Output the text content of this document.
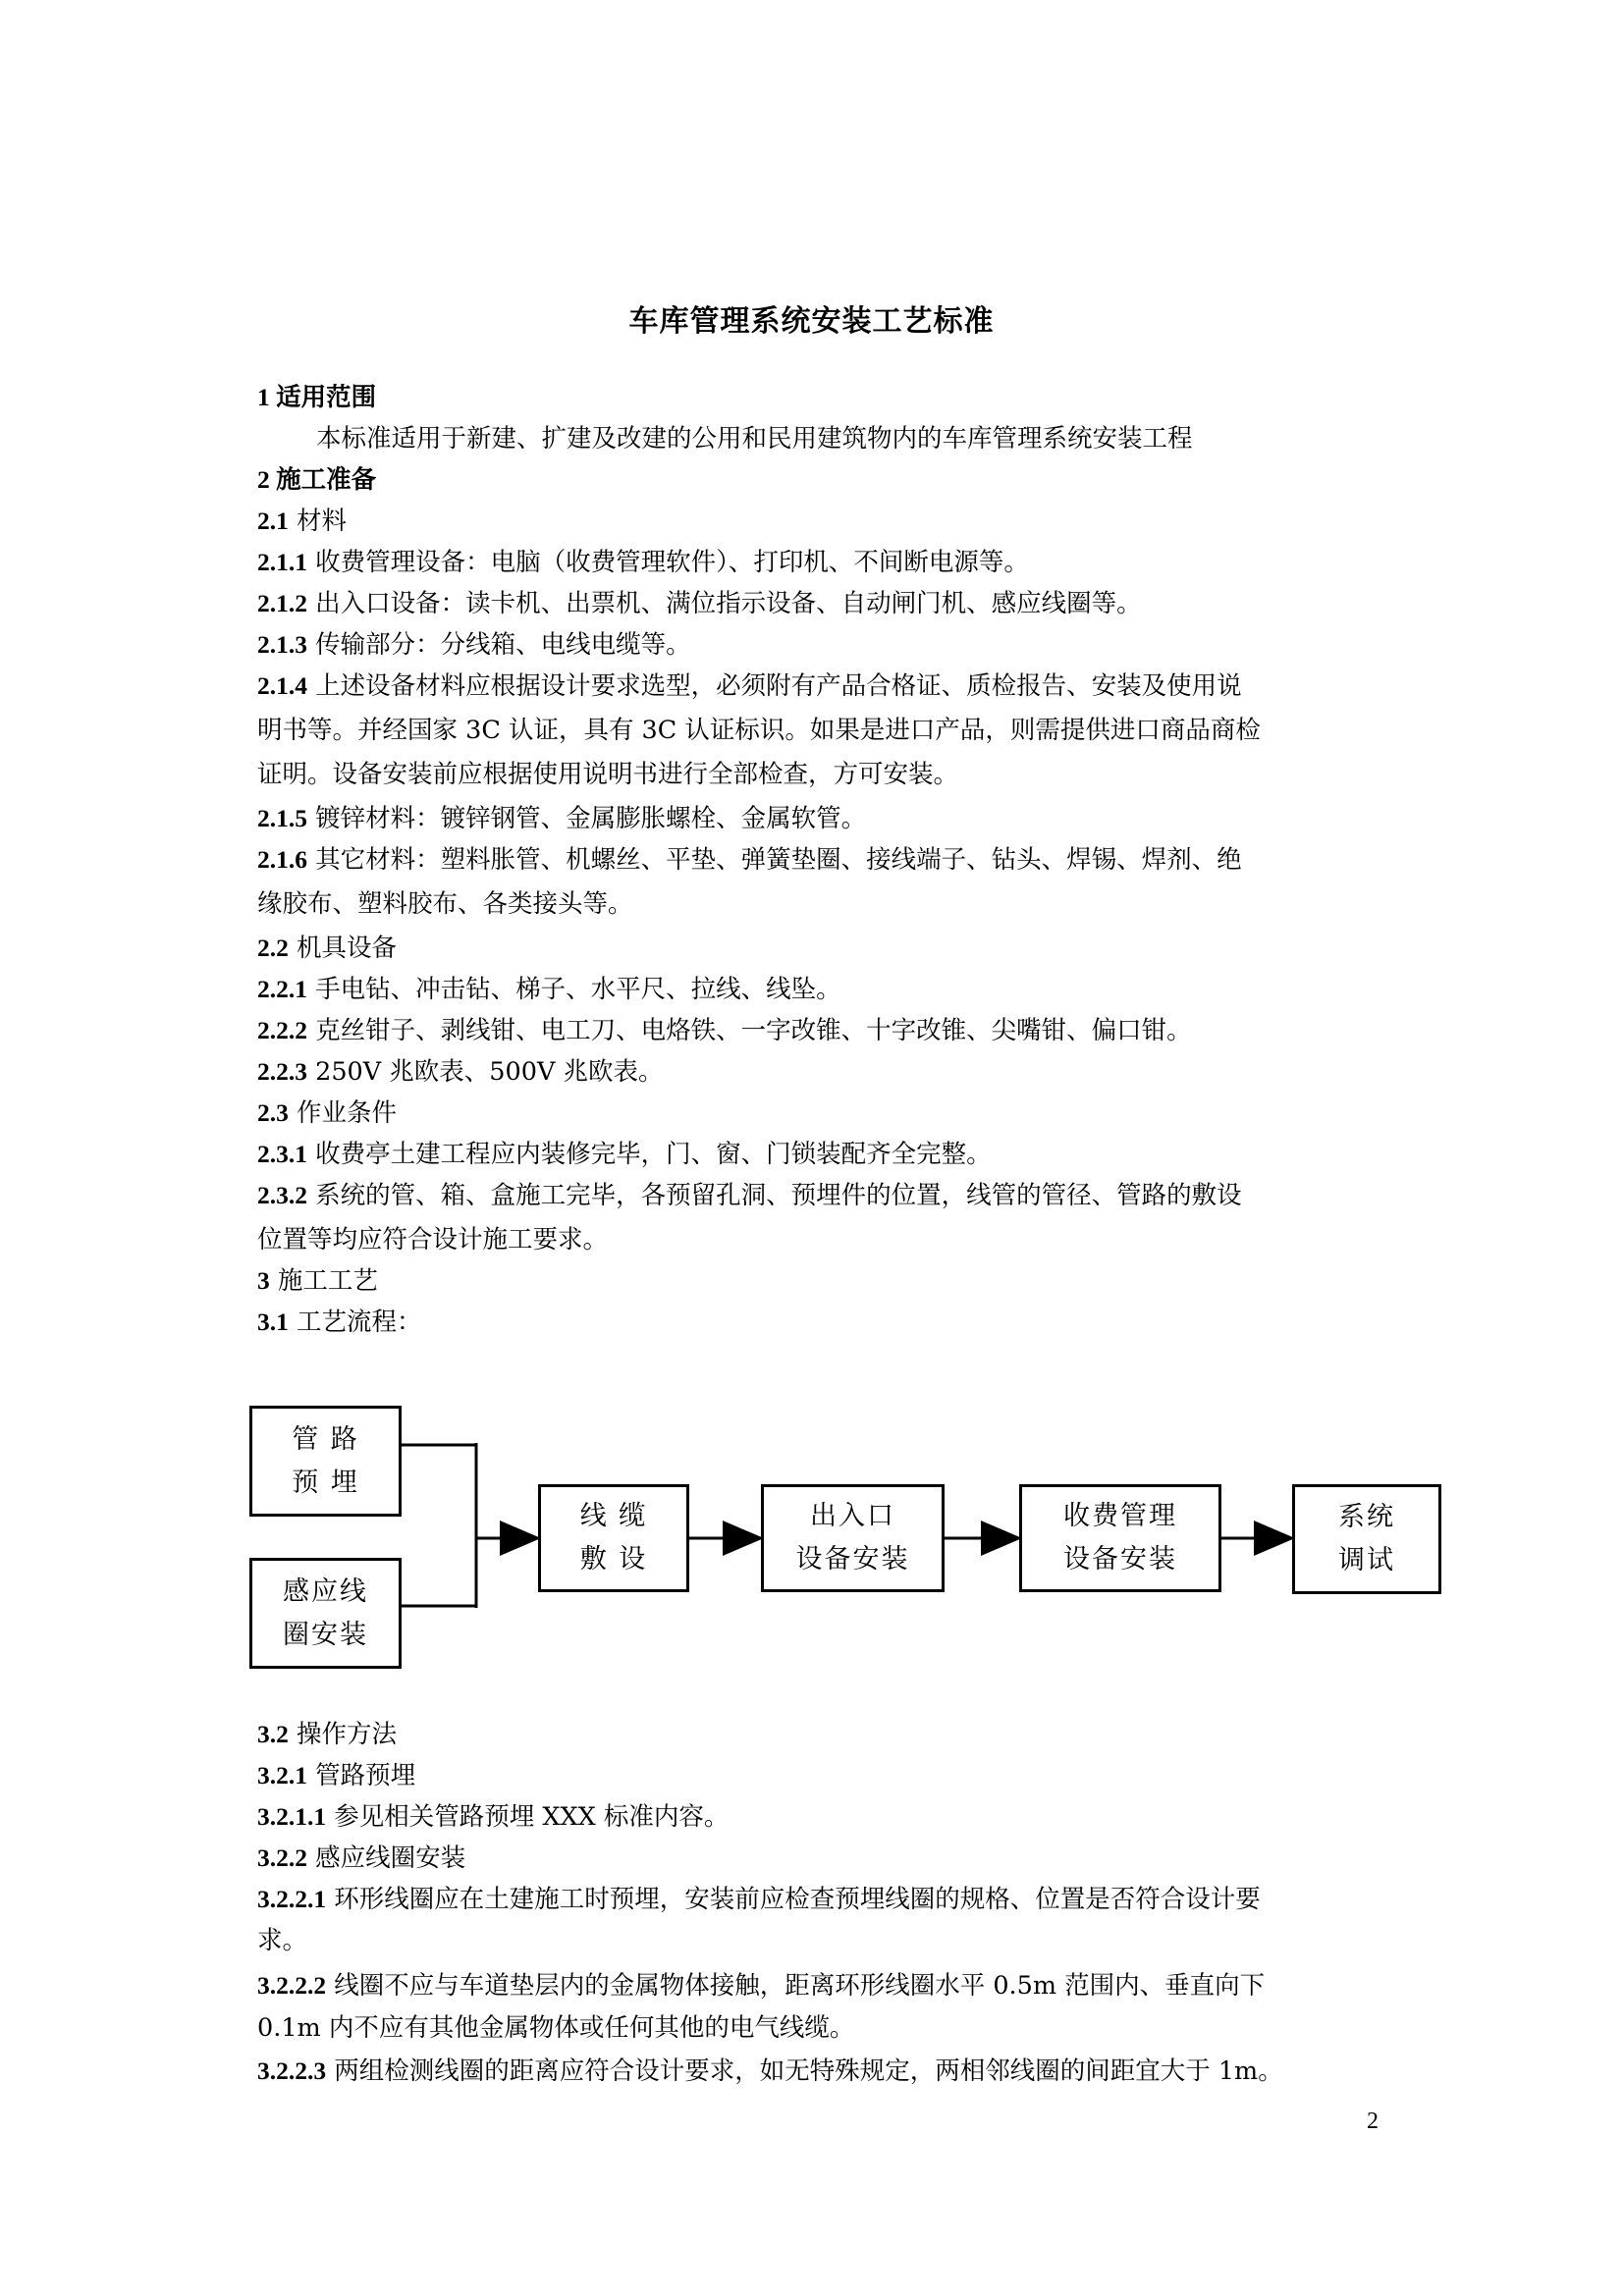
车库管理系统安装工艺标准
1 适用范围
本标准适用于新建、扩建及改建的公用和民用建筑物内的车库管理系统安装工程
2 施工准备
2.1 材料
2.1.1 收费管理设备：电脑（收费管理软件）、打印机、不间断电源等。
2.1.2 出入口设备：读卡机、出票机、满位指示设备、自动闸门机、感应线圈等。
2.1.3 传输部分：分线箱、电线电缆等。
2.1.4 上述设备材料应根据设计要求选型，必须附有产品合格证、质检报告、安装及使用说
明书等。并经国家 3C 认证，具有 3C 认证标识。如果是进口产品，则需提供进口商品商检
证明。设备安装前应根据使用说明书进行全部检查，方可安装。
2.1.5 镀锌材料：镀锌钢管、金属膨胀螺栓、金属软管。
2.1.6 其它材料：塑料胀管、机螺丝、平垫、弹簧垫圈、接线端子、钻头、焊锡、焊剂、绝
缘胶布、塑料胶布、各类接头等。
2.2 机具设备
2.2.1 手电钻、冲击钻、梯子、水平尺、拉线、线坠。
2.2.2 克丝钳子、剥线钳、电工刀、电烙铁、一字改锥、十字改锥、尖嘴钳、偏口钳。
2.2.3 250V 兆欧表、500V 兆欧表。
2.3 作业条件
2.3.1 收费亭土建工程应内装修完毕，门、窗、门锁装配齐全完整。
2.3.2 系统的管、箱、盒施工完毕，各预留孔洞、预埋件的位置，线管的管径、管路的敷设
位置等均应符合设计施工要求。
3 施工工艺
3.1 工艺流程：
管 路
预 埋
感应线
圈安装
线 缆
敷 设
出入口
设备安装
收费管理
设备安装
系统
调试
3.2 操作方法
3.2.1 管路预埋
3.2.1.1 参见相关管路预埋 XXX 标准内容。
3.2.2 感应线圈安装
3.2.2.1 环形线圈应在土建施工时预埋，安装前应检查预埋线圈的规格、位置是否符合设计要
求。
3.2.2.2 线圈不应与车道垫层内的金属物体接触，距离环形线圈水平 0.5m 范围内、垂直向下
0.1m 内不应有其他金属物体或任何其他的电气线缆。
3.2.2.3 两组检测线圈的距离应符合设计要求，如无特殊规定，两相邻线圈的间距宜大于 1m。
2
